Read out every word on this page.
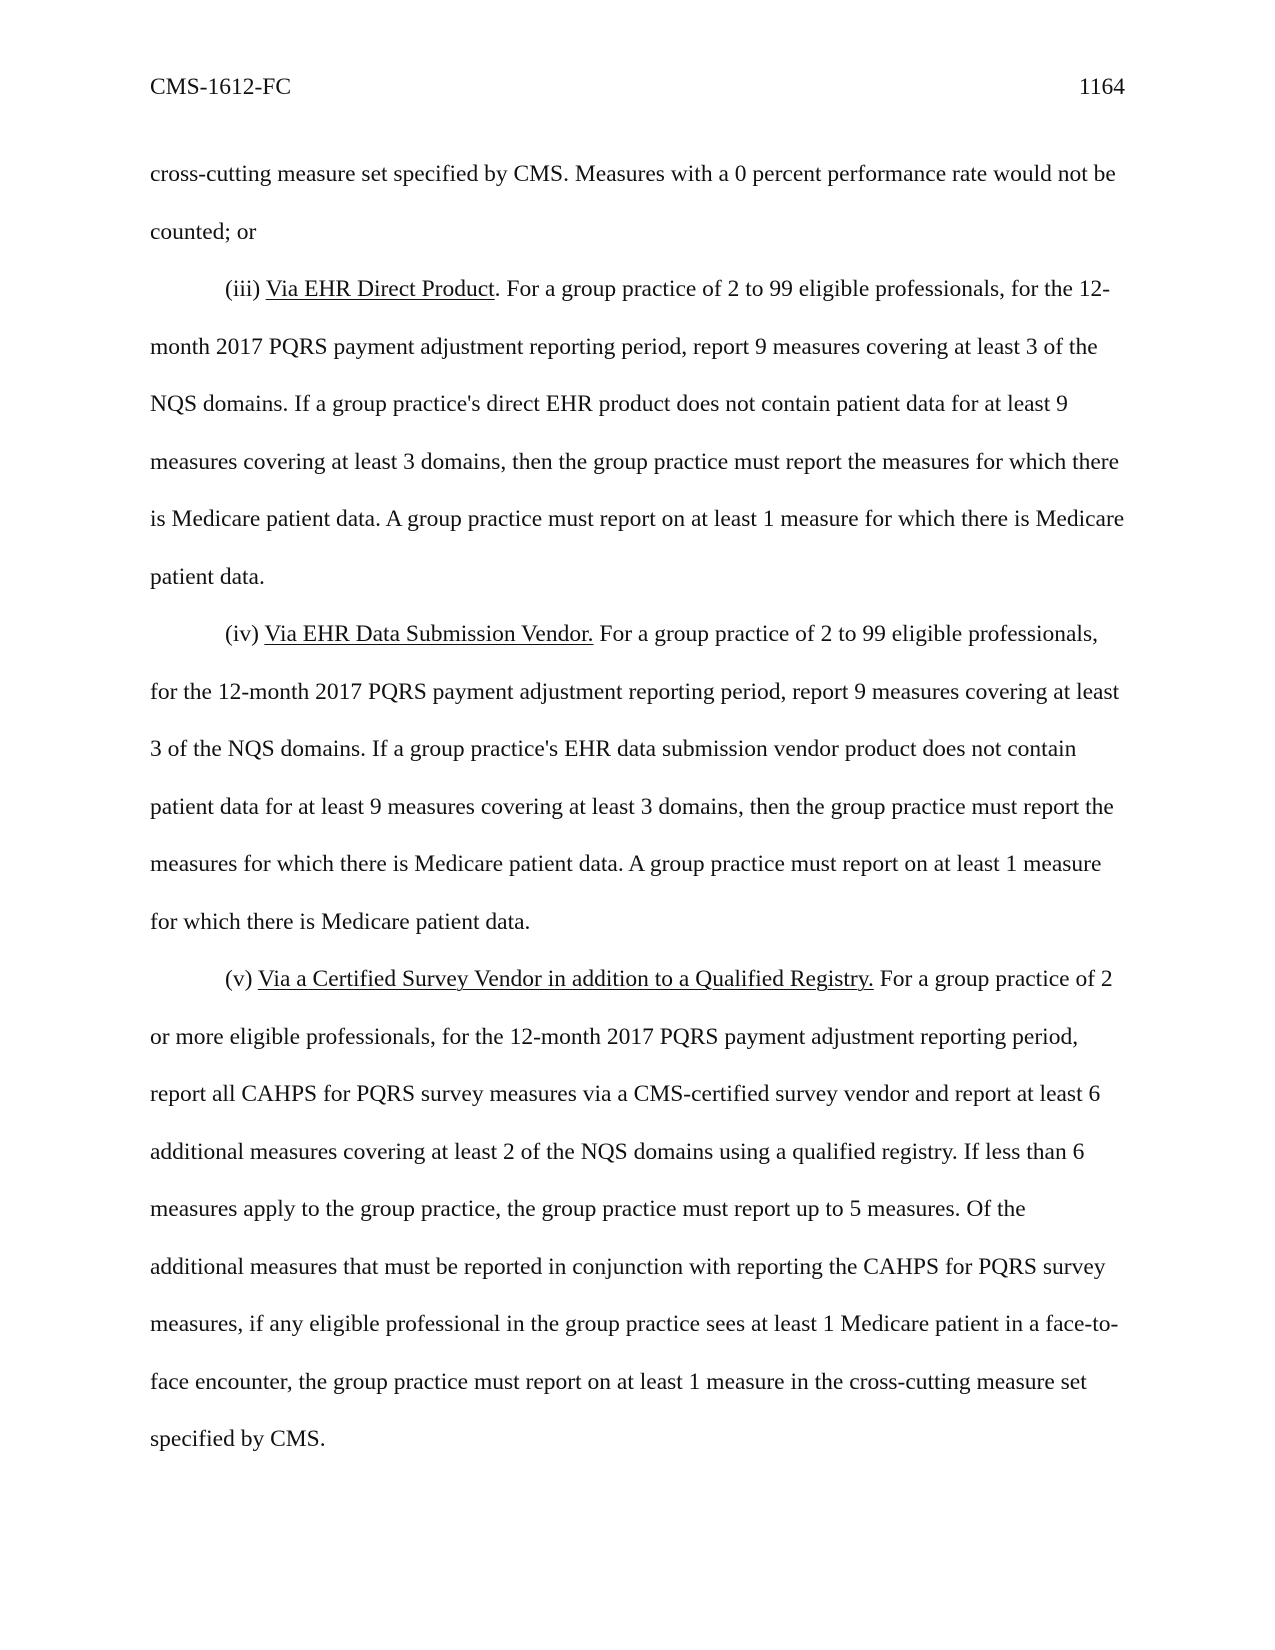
CMS-1612-FC	1164

cross-cutting measure set specified by CMS. Measures with a 0 percent performance rate would not be counted; or

(iii) Via EHR Direct Product. For a group practice of 2 to 99 eligible professionals, for the 12-month 2017 PQRS payment adjustment reporting period, report 9 measures covering at least 3 of the NQS domains. If a group practice's direct EHR product does not contain patient data for at least 9 measures covering at least 3 domains, then the group practice must report the measures for which there is Medicare patient data. A group practice must report on at least 1 measure for which there is Medicare patient data.

(iv) Via EHR Data Submission Vendor. For a group practice of 2 to 99 eligible professionals, for the 12-month 2017 PQRS payment adjustment reporting period, report 9 measures covering at least 3 of the NQS domains. If a group practice's EHR data submission vendor product does not contain patient data for at least 9 measures covering at least 3 domains, then the group practice must report the measures for which there is Medicare patient data. A group practice must report on at least 1 measure for which there is Medicare patient data.

(v) Via a Certified Survey Vendor in addition to a Qualified Registry. For a group practice of 2 or more eligible professionals, for the 12-month 2017 PQRS payment adjustment reporting period, report all CAHPS for PQRS survey measures via a CMS-certified survey vendor and report at least 6 additional measures covering at least 2 of the NQS domains using a qualified registry. If less than 6 measures apply to the group practice, the group practice must report up to 5 measures. Of the additional measures that must be reported in conjunction with reporting the CAHPS for PQRS survey measures, if any eligible professional in the group practice sees at least 1 Medicare patient in a face-to-face encounter, the group practice must report on at least 1 measure in the cross-cutting measure set specified by CMS.
